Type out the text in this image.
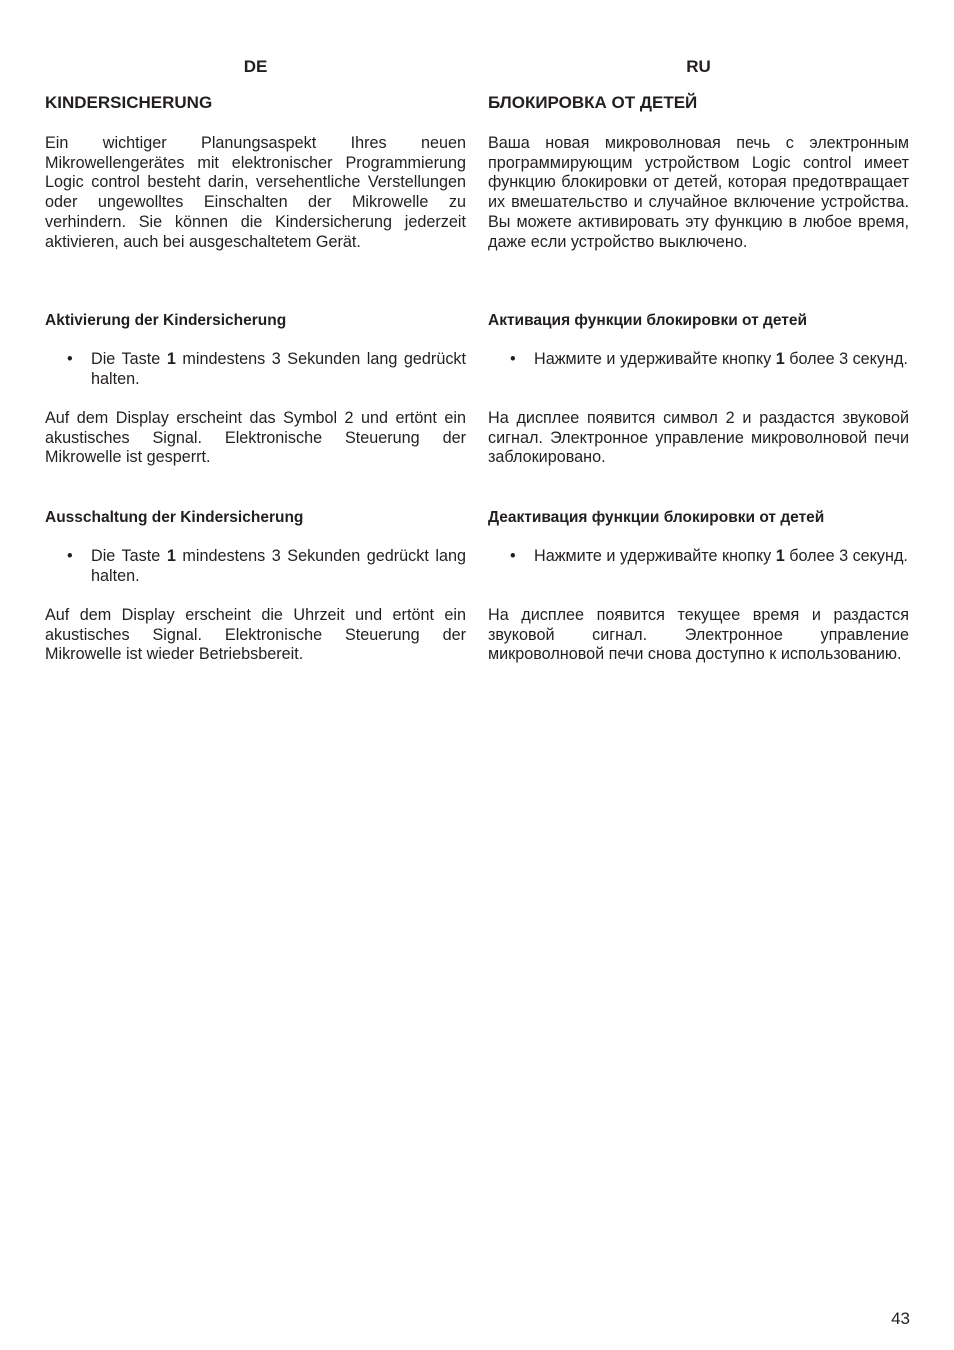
DE
KINDERSICHERUNG

Ein wichtiger Planungsaspekt Ihres neuen Mikrowellengerätes mit elektronischer Programmierung Logic control besteht darin, versehentliche Verstellungen oder ungewolltes Einschalten der Mikrowelle zu verhindern. Sie können die Kindersicherung jederzeit aktivieren, auch bei ausgeschaltetem Gerät.

Aktivierung der Kindersicherung
• Die Taste 1 mindestens 3 Sekunden lang gedrückt halten.

Auf dem Display erscheint das Symbol 2 und ertönt ein akustisches Signal. Elektronische Steuerung der Mikrowelle ist gesperrt.

Ausschaltung der Kindersicherung
• Die Taste 1 mindestens 3 Sekunden gedrückt lang halten.

Auf dem Display erscheint die Uhrzeit und ertönt ein akustisches Signal. Elektronische Steuerung der Mikrowelle ist wieder Betriebsbereit.

RU
БЛОКИРОВКА ОТ ДЕТЕЙ

Ваша новая микроволновая печь с электронным программирующим устройством Logic control имеет функцию блокировки от детей, которая предотвращает их вмешательство и случайное включение устройства. Вы можете активировать эту функцию в любое время, даже если устройство выключено.

Активация функции блокировки от детей
• Нажмите и удерживайте кнопку 1 более 3 секунд.

На дисплее появится символ 2 и раздастся звуковой сигнал. Электронное управление микроволновой печи заблокировано.

Деактивация функции блокировки от детей
• Нажмите и удерживайте кнопку 1 более 3 секунд.

На дисплее появится текущее время и раздастся звуковой сигнал. Электронное управление микроволновой печи снова доступно к использованию.

43
